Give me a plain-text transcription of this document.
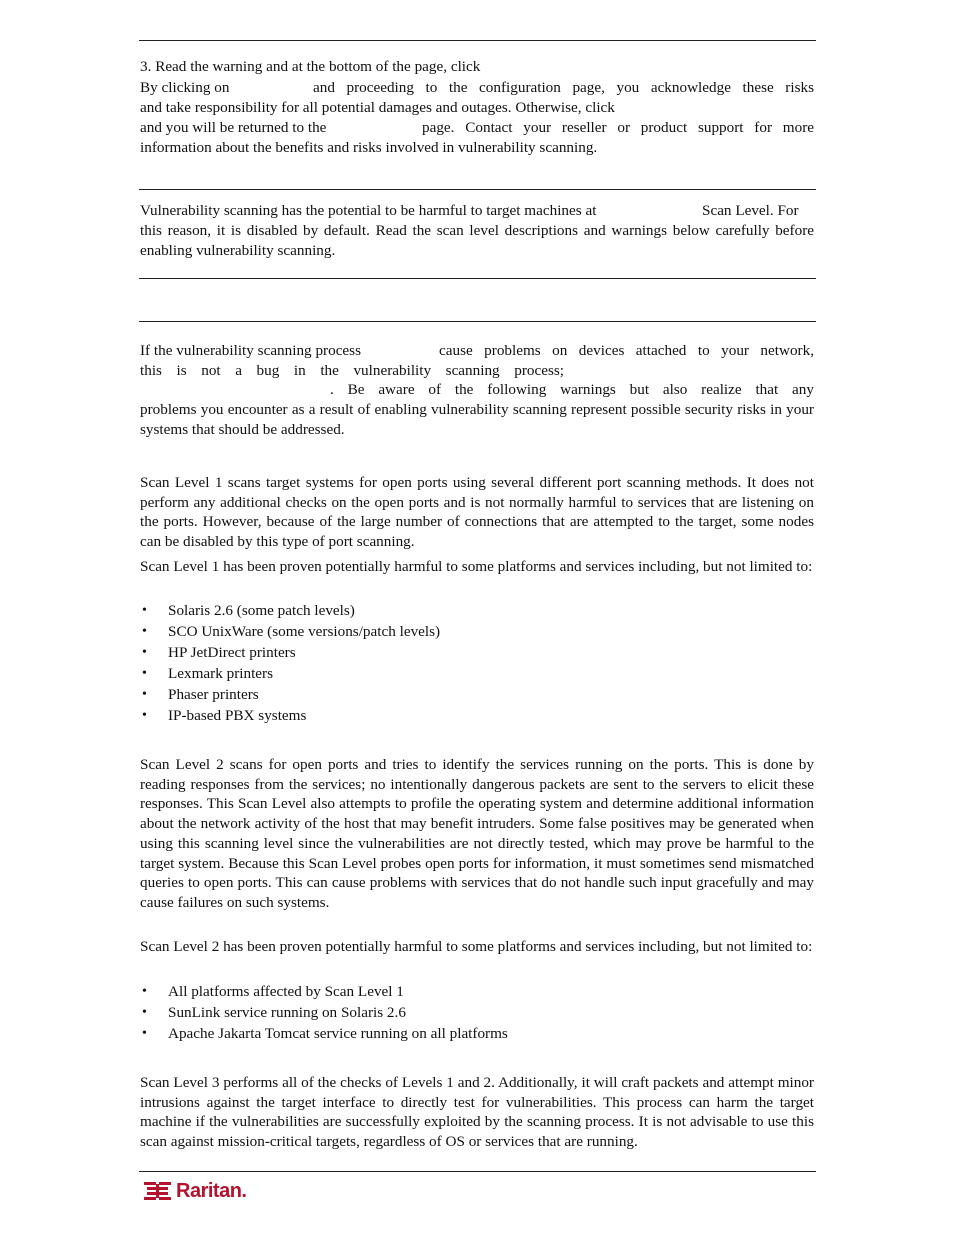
3. Read the warning and at the bottom of the page, click

By clicking on	and proceeding to the configuration page, you acknowledge these risks

and take responsibility for all potential damages and outages. Otherwise, click

and you will be returned to the	page. Contact your reseller or product support for more

information about the benefits and risks involved in vulnerability scanning.

Vulnerability scanning has the potential to be harmful to target machines at	Scan Level. For

this reason, it is disabled by default. Read the scan level descriptions and warnings below carefully before enabling vulnerability scanning.

If the vulnerability scanning process	cause problems on devices attached to your network,
this is not a bug in the vulnerability scanning process;
. Be aware of the following warnings but also realize that any

problems you encounter as a result of enabling vulnerability scanning represent possible security risks in your systems that should be addressed.

Scan Level 1 scans target systems for open ports using several different port scanning methods. It does not perform any additional checks on the open ports and is not normally harmful to services that are listening on the ports. However, because of the large number of connections that are attempted to the target, some nodes can be disabled by this type of port scanning.

Scan Level 1 has been proven potentially harmful to some platforms and services including, but not limited to:

• Solaris 2.6 (some patch levels)
• SCO UnixWare (some versions/patch levels)
• HP JetDirect printers
• Lexmark printers
• Phaser printers
• IP-based PBX systems

Scan Level 2 scans for open ports and tries to identify the services running on the ports. This is done by reading responses from the services; no intentionally dangerous packets are sent to the servers to elicit these responses. This Scan Level also attempts to profile the operating system and determine additional information about the network activity of the host that may benefit intruders. Some false positives may be generated when using this scanning level since the vulnerabilities are not directly tested, which may prove be harmful to the target system. Because this Scan Level probes open ports for information, it must sometimes send mismatched queries to open ports. This can cause problems with services that do not handle such input gracefully and may cause failures on such systems.

Scan Level 2 has been proven potentially harmful to some platforms and services including, but not limited to:

• All platforms affected by Scan Level 1
• SunLink service running on Solaris 2.6
• Apache Jakarta Tomcat service running on all platforms

Scan Level 3 performs all of the checks of Levels 1 and 2. Additionally, it will craft packets and attempt minor intrusions against the target interface to directly test for vulnerabilities. This process can harm the target machine if the vulnerabilities are successfully exploited by the scanning process. It is not advisable to use this scan against mission-critical targets, regardless of OS or services that are running.

Raritan.
